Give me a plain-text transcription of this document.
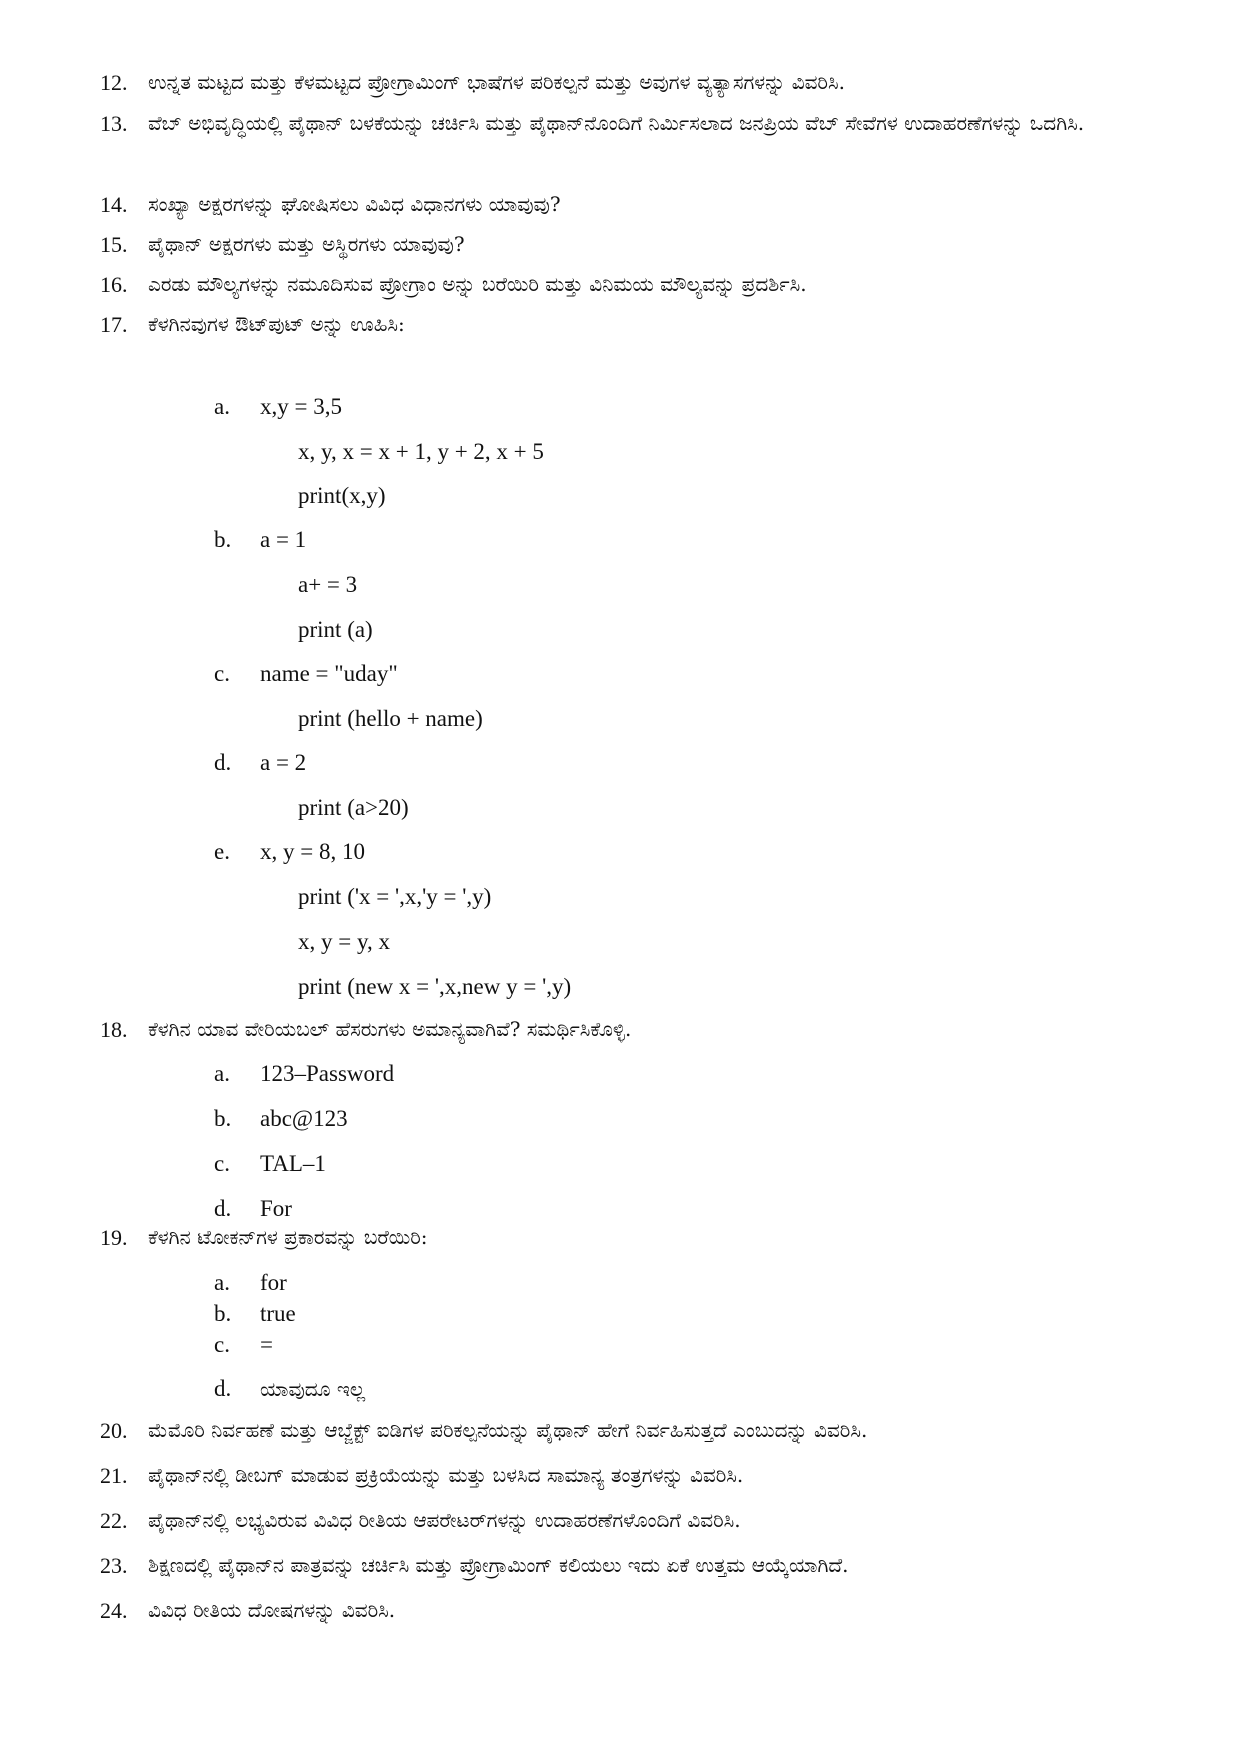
12.	ಉನ್ನತ ಮಟ್ಟದ ಮತ್ತು ಕೆಳಮಟ್ಟದ ಪ್ರೋಗ್ರಾಮಿಂಗ್ ಭಾಷೆಗಳ ಪರಿಕಲ್ಪನೆ ಮತ್ತು ಅವುಗಳ ವ್ಯತ್ಯಾಸಗಳನ್ನು ವಿವರಿಸಿ.
13.	ವೆಬ್ ಅಭಿವೃದ್ಧಿಯಲ್ಲಿ ಪೈಥಾನ್ ಬಳಕೆಯನ್ನು ಚರ್ಚಿಸಿ ಮತ್ತು ಪೈಥಾನ್‌ನೊಂದಿಗೆ ನಿರ್ಮಿಸಲಾದ ಜನಪ್ರಿಯ ವೆಬ್ ಸೇವೆಗಳ ಉದಾಹರಣೆಗಳನ್ನು ಒದಗಿಸಿ.
14.	ಸಂಖ್ಯಾ ಅಕ್ಷರಗಳನ್ನು ಘೋಷಿಸಲು ವಿವಿಧ ವಿಧಾನಗಳು ಯಾವುವು?
15.	ಪೈಥಾನ್ ಅಕ್ಷರಗಳು ಮತ್ತು ಅಸ್ಥಿರಗಳು ಯಾವುವು?
16.	ಎರಡು ಮೌಲ್ಯಗಳನ್ನು ನಮೂದಿಸುವ ಪ್ರೋಗ್ರಾಂ ಅನ್ನು ಬರೆಯಿರಿ ಮತ್ತು ವಿನಿಮಯ ಮೌಲ್ಯವನ್ನು ಪ್ರದರ್ಶಿಸಿ.
17.	ಕೆಳಗಿನವುಗಳ ಔಟ್‌ಪುಟ್ ಅನ್ನು ಊಹಿಸಿ:
a. x,y = 3,5
x, y, x = x + 1, y + 2, x + 5
print(x,y)
b. a = 1
a+ = 3
print (a)
c. name = "uday"
print (hello + name)
d. a = 2
print (a>20)
e. x, y = 8, 10
print ('x = ',x,'y = ',y)
x, y = y, x
print (new x = ',x,new y = ',y)
18.	ಕೆಳಗಿನ ಯಾವ ವೇರಿಯಬಲ್ ಹೆಸರುಗಳು ಅಮಾನ್ಯವಾಗಿವೆ? ಸಮರ್ಥಿಸಿಕೊಳ್ಳಿ.
a. 123–Password
b. abc@123
c. TAL–1
d. For
19.	ಕೆಳಗಿನ ಟೋಕನ್‌ಗಳ ಪ್ರಕಾರವನ್ನು ಬರೆಯಿರಿ:
a. for
b. true
c. =
d. ಯಾವುದೂ ಇಲ್ಲ
20.	ಮೆಮೊರಿ ನಿರ್ವಹಣೆ ಮತ್ತು ಆಬ್ಜೆಕ್ಟ್ ಐಡಿಗಳ ಪರಿಕಲ್ಪನೆಯನ್ನು ಪೈಥಾನ್ ಹೇಗೆ ನಿರ್ವಹಿಸುತ್ತದೆ ಎಂಬುದನ್ನು ವಿವರಿಸಿ.
21.	ಪೈಥಾನ್‌ನಲ್ಲಿ ಡೀಬಗ್ ಮಾಡುವ ಪ್ರಕ್ರಿಯೆಯನ್ನು ಮತ್ತು ಬಳಸಿದ ಸಾಮಾನ್ಯ ತಂತ್ರಗಳನ್ನು ವಿವರಿಸಿ.
22.	ಪೈಥಾನ್‌ನಲ್ಲಿ ಲಭ್ಯವಿರುವ ವಿವಿಧ ರೀತಿಯ ಆಪರೇಟರ್‌ಗಳನ್ನು ಉದಾಹರಣೆಗಳೊಂದಿಗೆ ವಿವರಿಸಿ.
23.	ಶಿಕ್ಷಣದಲ್ಲಿ ಪೈಥಾನ್‌ನ ಪಾತ್ರವನ್ನು ಚರ್ಚಿಸಿ ಮತ್ತು ಪ್ರೋಗ್ರಾಮಿಂಗ್ ಕಲಿಯಲು ಇದು ಏಕೆ ಉತ್ತಮ ಆಯ್ಕೆಯಾಗಿದೆ.
24.	ವಿವಿಧ ರೀತಿಯ ದೋಷಗಳನ್ನು ವಿವರಿಸಿ.
